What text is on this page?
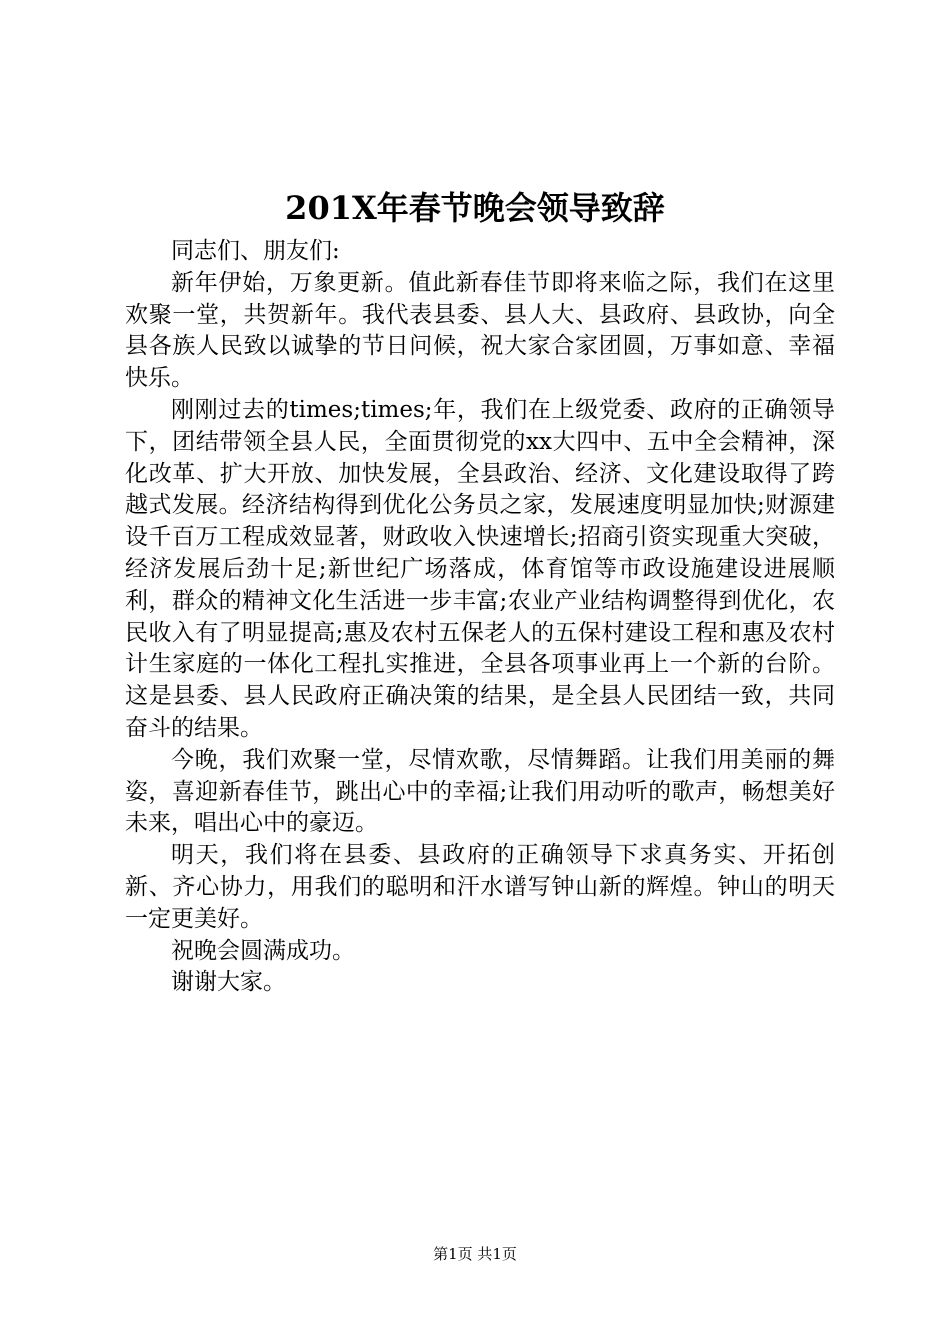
201X年春节晚会领导致辞

同志们、朋友们:

新年伊始，万象更新。值此新春佳节即将来临之际，我们在这里欢聚一堂，共贺新年。我代表县委、县人大、县政府、县政协，向全县各族人民致以诚挚的节日问候，祝大家合家团圆，万事如意、幸福快乐。

刚刚过去的times;times;年，我们在上级党委、政府的正确领导下，团结带领全县人民，全面贯彻党的xx大四中、五中全会精神，深化改革、扩大开放、加快发展，全县政治、经济、文化建设取得了跨越式发展。经济结构得到优化公务员之家，发展速度明显加快;财源建设千百万工程成效显著，财政收入快速增长;招商引资实现重大突破，经济发展后劲十足;新世纪广场落成，体育馆等市政设施建设进展顺利，群众的精神文化生活进一步丰富;农业产业结构调整得到优化，农民收入有了明显提高;惠及农村五保老人的五保村建设工程和惠及农村计生家庭的一体化工程扎实推进，全县各项事业再上一个新的台阶。这是县委、县人民政府正确决策的结果，是全县人民团结一致，共同奋斗的结果。

今晚，我们欢聚一堂，尽情欢歌，尽情舞蹈。让我们用美丽的舞姿，喜迎新春佳节，跳出心中的幸福;让我们用动听的歌声，畅想美好未来，唱出心中的豪迈。

明天，我们将在县委、县政府的正确领导下求真务实、开拓创新、齐心协力，用我们的聪明和汗水谱写钟山新的辉煌。钟山的明天一定更美好。

祝晚会圆满成功。

谢谢大家。

第1页 共1页
